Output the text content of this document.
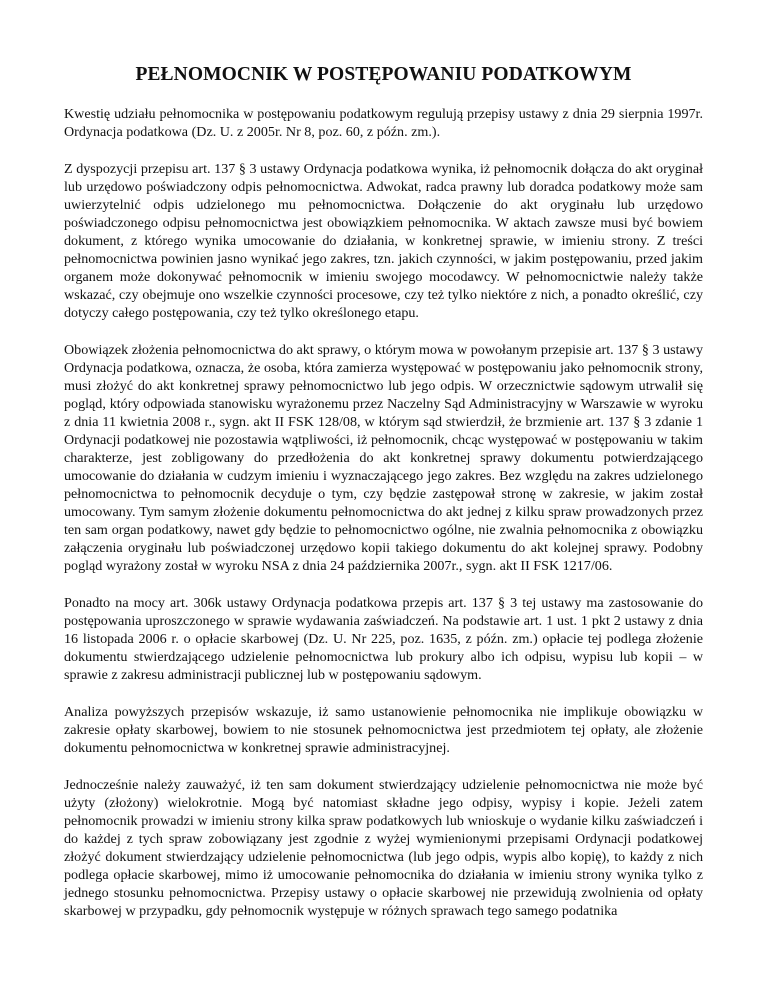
PEŁNOMOCNIK W POSTĘPOWANIU PODATKOWYM

Kwestię udziału pełnomocnika w postępowaniu podatkowym regulują przepisy ustawy z dnia 29 sierpnia 1997r. Ordynacja podatkowa (Dz. U. z 2005r. Nr 8, poz. 60, z późn. zm.).

Z dyspozycji przepisu art. 137 § 3 ustawy Ordynacja podatkowa wynika, iż pełnomocnik dołącza do akt oryginał lub urzędowo poświadczony odpis pełnomocnictwa. Adwokat, radca prawny lub doradca podatkowy może sam uwierzytelnić odpis udzielonego mu pełnomocnictwa. Dołączenie do akt oryginału lub urzędowo poświadczonego odpisu pełnomocnictwa jest obowiązkiem pełnomocnika. W aktach zawsze musi być bowiem dokument, z którego wynika umocowanie do działania, w konkretnej sprawie, w imieniu strony. Z treści pełnomocnictwa powinien jasno wynikać jego zakres, tzn. jakich czynności, w jakim postępowaniu, przed jakim organem może dokonywać pełnomocnik w imieniu swojego mocodawcy. W pełnomocnictwie należy także wskazać, czy obejmuje ono wszelkie czynności procesowe, czy też tylko niektóre z nich, a ponadto określić, czy dotyczy całego postępowania, czy też tylko określonego etapu.

Obowiązek złożenia pełnomocnictwa do akt sprawy, o którym mowa w powołanym przepisie art. 137 § 3 ustawy Ordynacja podatkowa, oznacza, że osoba, która zamierza występować w postępowaniu jako pełnomocnik strony, musi złożyć do akt konkretnej sprawy pełnomocnictwo lub jego odpis. W orzecznictwie sądowym utrwalił się pogląd, który odpowiada stanowisku wyrażonemu przez Naczelny Sąd Administracyjny w Warszawie w wyroku z dnia 11 kwietnia 2008 r., sygn. akt II FSK 128/08, w którym sąd stwierdził, że brzmienie art. 137 § 3 zdanie 1 Ordynacji podatkowej nie pozostawia wątpliwości, iż pełnomocnik, chcąc występować w postępowaniu w takim charakterze, jest zobligowany do przedłożenia do akt konkretnej sprawy dokumentu potwierdzającego umocowanie do działania w cudzym imieniu i wyznaczającego jego zakres. Bez względu na zakres udzielonego pełnomocnictwa to pełnomocnik decyduje o tym, czy będzie zastępował stronę w zakresie, w jakim został umocowany. Tym samym złożenie dokumentu pełnomocnictwa do akt jednej z kilku spraw prowadzonych przez ten sam organ podatkowy, nawet gdy będzie to pełnomocnictwo ogólne, nie zwalnia pełnomocnika z obowiązku załączenia oryginału lub poświadczonej urzędowo kopii takiego dokumentu do akt kolejnej sprawy. Podobny pogląd wyrażony został w wyroku NSA z dnia 24 października 2007r., sygn. akt II FSK 1217/06.

Ponadto na mocy art. 306k ustawy Ordynacja podatkowa przepis art. 137 § 3 tej ustawy ma zastosowanie do postępowania uproszczonego w sprawie wydawania zaświadczeń. Na podstawie art. 1 ust. 1 pkt 2 ustawy z dnia 16 listopada 2006 r. o opłacie skarbowej (Dz. U. Nr 225, poz. 1635, z późn. zm.) opłacie tej podlega złożenie dokumentu stwierdzającego udzielenie pełnomocnictwa lub prokury albo ich odpisu, wypisu lub kopii – w sprawie z zakresu administracji publicznej lub w postępowaniu sądowym.

Analiza powyższych przepisów wskazuje, iż samo ustanowienie pełnomocnika nie implikuje obowiązku w zakresie opłaty skarbowej, bowiem to nie stosunek pełnomocnictwa jest przedmiotem tej opłaty, ale złożenie dokumentu pełnomocnictwa w konkretnej sprawie administracyjnej.

Jednocześnie należy zauważyć, iż ten sam dokument stwierdzający udzielenie pełnomocnictwa nie może być użyty (złożony) wielokrotnie. Mogą być natomiast składne jego odpisy, wypisy i kopie. Jeżeli zatem pełnomocnik prowadzi w imieniu strony kilka spraw podatkowych lub wnioskuje o wydanie kilku zaświadczeń i do każdej z tych spraw zobowiązany jest zgodnie z wyżej wymienionymi przepisami Ordynacji podatkowej złożyć dokument stwierdzający udzielenie pełnomocnictwa (lub jego odpis, wypis albo kopię), to każdy z nich podlega opłacie skarbowej, mimo iż umocowanie pełnomocnika do działania w imieniu strony wynika tylko z jednego stosunku pełnomocnictwa. Przepisy ustawy o opłacie skarbowej nie przewidują zwolnienia od opłaty skarbowej w przypadku, gdy pełnomocnik występuje w różnych sprawach tego samego podatnika
